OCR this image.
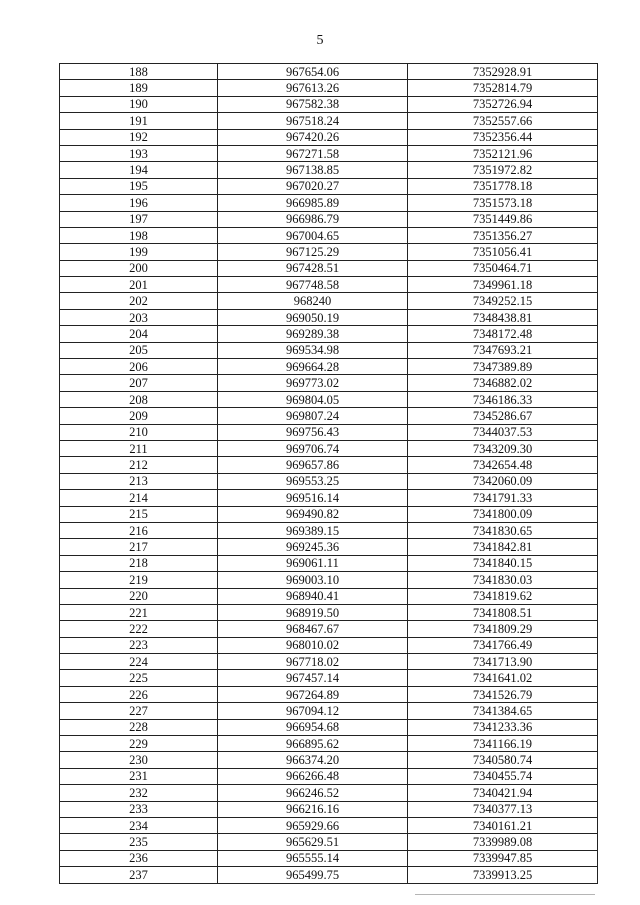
5
188	967654.06	7352928.91
189	967613.26	7352814.79
190	967582.38	7352726.94
191	967518.24	7352557.66
192	967420.26	7352356.44
193	967271.58	7352121.96
194	967138.85	7351972.82
195	967020.27	7351778.18
196	966985.89	7351573.18
197	966986.79	7351449.86
198	967004.65	7351356.27
199	967125.29	7351056.41
200	967428.51	7350464.71
201	967748.58	7349961.18
202	968240	7349252.15
203	969050.19	7348438.81
204	969289.38	7348172.48
205	969534.98	7347693.21
206	969664.28	7347389.89
207	969773.02	7346882.02
208	969804.05	7346186.33
209	969807.24	7345286.67
210	969756.43	7344037.53
211	969706.74	7343209.30
212	969657.86	7342654.48
213	969553.25	7342060.09
214	969516.14	7341791.33
215	969490.82	7341800.09
216	969389.15	7341830.65
217	969245.36	7341842.81
218	969061.11	7341840.15
219	969003.10	7341830.03
220	968940.41	7341819.62
221	968919.50	7341808.51
222	968467.67	7341809.29
223	968010.02	7341766.49
224	967718.02	7341713.90
225	967457.14	7341641.02
226	967264.89	7341526.79
227	967094.12	7341384.65
228	966954.68	7341233.36
229	966895.62	7341166.19
230	966374.20	7340580.74
231	966266.48	7340455.74
232	966246.52	7340421.94
233	966216.16	7340377.13
234	965929.66	7340161.21
235	965629.51	7339989.08
236	965555.14	7339947.85
237	965499.75	7339913.25
